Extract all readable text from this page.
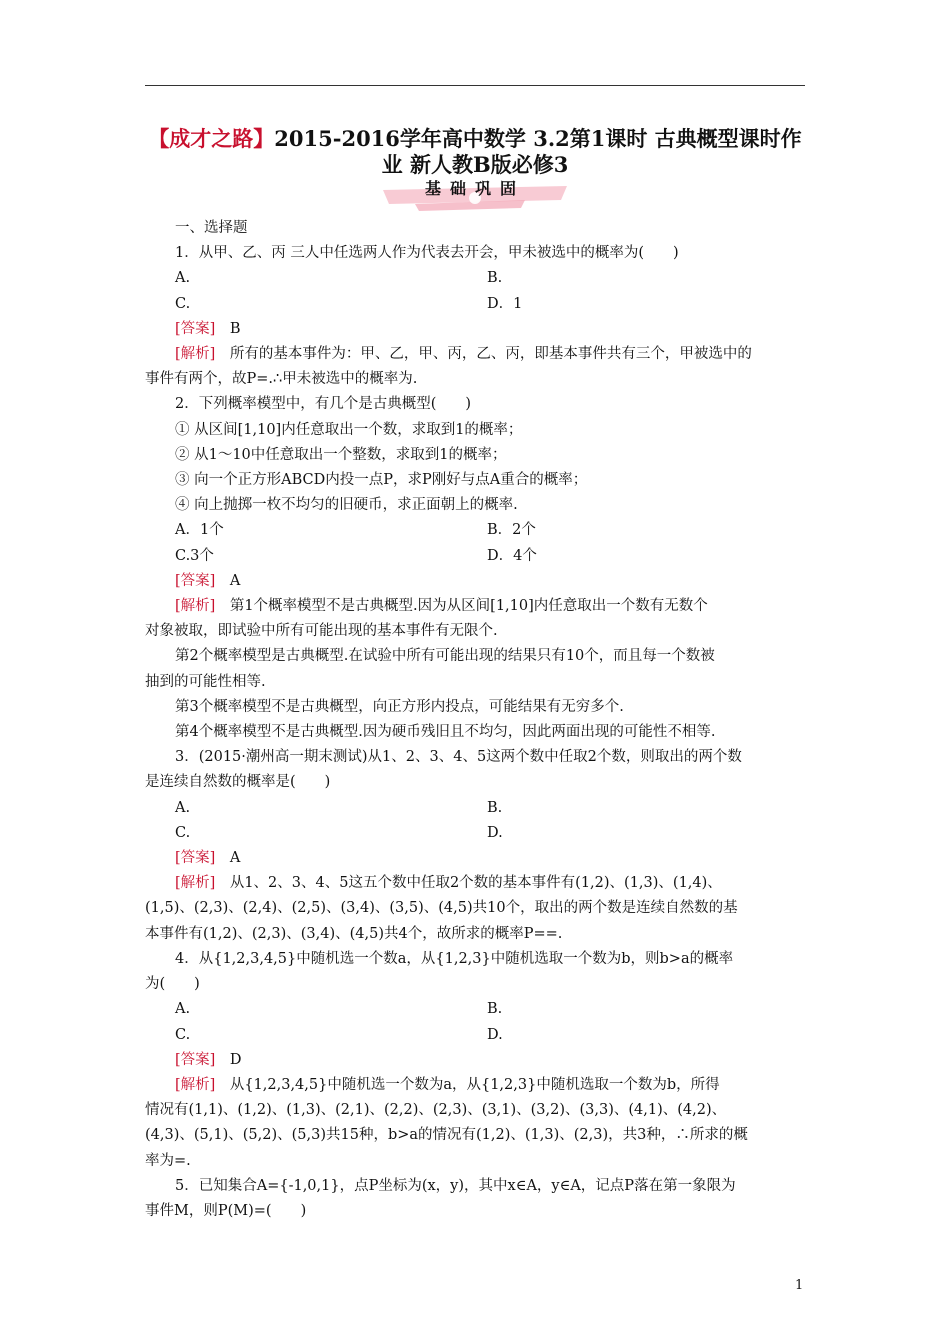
【成才之路】2015-2016学年高中数学 3.2第1课时 古典概型课时作
业 新人教B版必修3
基础巩固

一、选择题

1．从甲、乙、丙 三人中任选两人作为代表去开会，甲未被选中的概率为(　　)

A.	B.
C.	D．1

[答案]　 B

[解析]　 所有的基本事件为：甲、乙，甲、丙，乙、丙，即基本事件共有三个，甲被选中的

事件有两个，故P=.∴甲未被选中的概率为.

2．下列概率模型中，有几个是古典概型(　　)

① 从区间[1,10]内任意取出一个数，求取到1的概率；

② 从1～10中任意取出一个整数，求取到1的概率；

③ 向一个正方形ABCD内投一点P，求P刚好与点A重合的概率；

④ 向上抛掷一枚不均匀的旧硬币，求正面朝上的概率.

A．1个	B．2个
C.3个	D．4个

[答案]　 A

[解析]　 第1个概率模型不是古典概型.因为从区间[1,10]内任意取出一个数有无数个

对象被取，即试验中所有可能出现的基本事件有无限个.

第2个概率模型是古典概型.在试验中所有可能出现的结果只有10个，而且每一个数被

抽到的可能性相等.

第3个概率模型不是古典概型，向正方形内投点，可能结果有无穷多个.

第4个概率模型不是古典概型.因为硬币残旧且不均匀，因此两面出现的可能性不相等.

3．(2015·潮州高一期末测试)从1、2、3、4、5这两个数中任取2个数，则取出的两个数

是连续自然数的概率是(　　)

A.	B.
C.	D.

[答案]　 A

[解析]　 从1、2、3、4、5这五个数中任取2个数的基本事件有(1,2)、(1,3)、(1,4)、

(1,5)、(2,3)、(2,4)、(2,5)、(3,4)、(3,5)、(4,5)共10个，取出的两个数是连续自然数的基

本事件有(1,2)、(2,3)、(3,4)、(4,5)共4个，故所求的概率P==.

4．从{1,2,3,4,5}中随机选一个数a，从{1,2,3}中随机选取一个数为b，则b>a的概率

为(　　)

A.	B.
C.	D.

[答案]　 D

[解析]　 从{1,2,3,4,5}中随机选一个数为a，从{1,2,3}中随机选取一个数为b，所得

情况有(1,1)、(1,2)、(1,3)、(2,1)、(2,2)、(2,3)、(3,1)、(3,2)、(3,3)、(4,1)、(4,2)、

(4,3)、(5,1)、(5,2)、(5,3)共15种，b>a的情况有(1,2)、(1,3)、(2,3)，共3种，∴所求的概

率为=.

5．已知集合A={-1,0,1}，点P坐标为(x，y)，其中x∈A，y∈A，记点P落在第一象限为

事件M，则P(M)=(　　)

1
